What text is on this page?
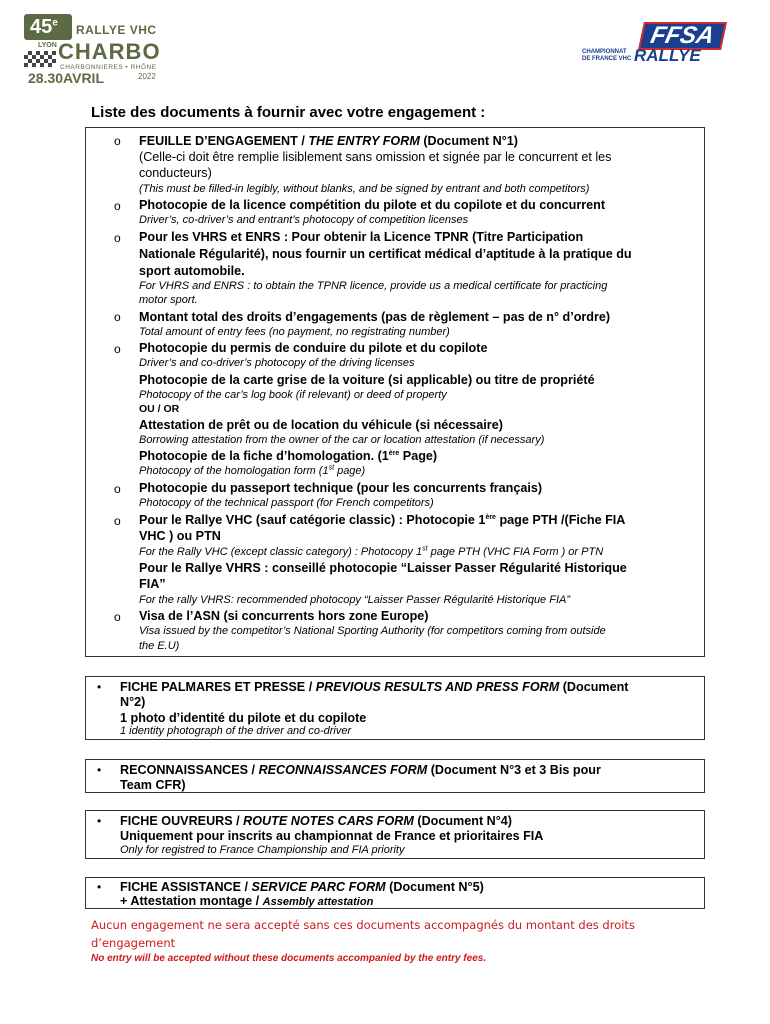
45e
RALLYE VHC
LYON CHARBO
CHARBONNIERES • RHÔNE
28.30AVRIL	2022
FFSA
CHAMPIONNAT
DE FRANCE VHC RALLYE
Liste des documents à fournir avec votre engagement :
o FEUILLE D’ENGAGEMENT / THE ENTRY FORM (Document N°1)
(Celle-ci doit être remplie lisiblement sans omission et signée par le concurrent et les
conducteurs)
(This must be filled-in legibly, without blanks, and be signed by entrant and both competitors)
o Photocopie de la licence compétition du pilote et du copilote et du concurrent
Driver’s, co-driver’s and entrant’s photocopy of competition licenses
o Pour les VHRS et ENRS : Pour obtenir la Licence TPNR (Titre Participation
Nationale Régularité), nous fournir un certificat médical d’aptitude à la pratique du
sport automobile.
For VHRS and ENRS : to obtain the TPNR licence, provide us a medical certificate for practicing
motor sport.
o Montant total des droits d’engagements (pas de règlement – pas de n° d’ordre)
Total amount of entry fees (no payment, no registrating number)
o Photocopie du permis de conduire du pilote et du copilote
Driver’s and co-driver’s photocopy of the driving licenses
Photocopie de la carte grise de la voiture (si applicable) ou titre de propriété
Photocopy of the car’s log book (if relevant) or deed of property
OU / OR
Attestation de prêt ou de location du véhicule (si nécessaire)
Borrowing attestation from the owner of the car or location attestation (if necessary)
Photocopie de la fiche d’homologation. (1ère Page)
Photocopy of the homologation form (1st page)
o Photocopie du passeport technique (pour les concurrents français)
Photocopy of the technical passport (for French competitors)
o Pour le Rallye VHC (sauf catégorie classic) : Photocopie 1ère page PTH /(Fiche FIA
VHC ) ou PTN
For the Rally VHC (except classic category) : Photocopy 1st page PTH (VHC FIA Form ) or PTN
Pour le Rallye VHRS : conseillé photocopie “Laisser Passer Régularité Historique
FIA”
For the rally VHRS: recommended photocopy “Laisser Passer Régularité Historique FIA”
o Visa de l’ASN (si concurrents hors zone Europe)
Visa issued by the competitor’s National Sporting Authority (for competitors coming from outside
the E.U)
• FICHE PALMARES ET PRESSE / PREVIOUS RESULTS AND PRESS FORM (Document
N°2)
1 photo d’identité du pilote et du copilote
1 identity photograph of the driver and co-driver
• RECONNAISSANCES / RECONNAISSANCES FORM (Document N°3 et 3 Bis pour
Team CFR)
• FICHE OUVREURS / ROUTE NOTES CARS FORM (Document N°4)
Uniquement pour inscrits au championnat de France et prioritaires FIA
Only for registred to France Championship and FIA priority
• FICHE ASSISTANCE / SERVICE PARC FORM (Document N°5)
+ Attestation montage / Assembly attestation
Aucun engagement ne sera accepté sans ces documents accompagnés du montant des droits
d’engagement
No entry will be accepted without these documents accompanied by the entry fees.
